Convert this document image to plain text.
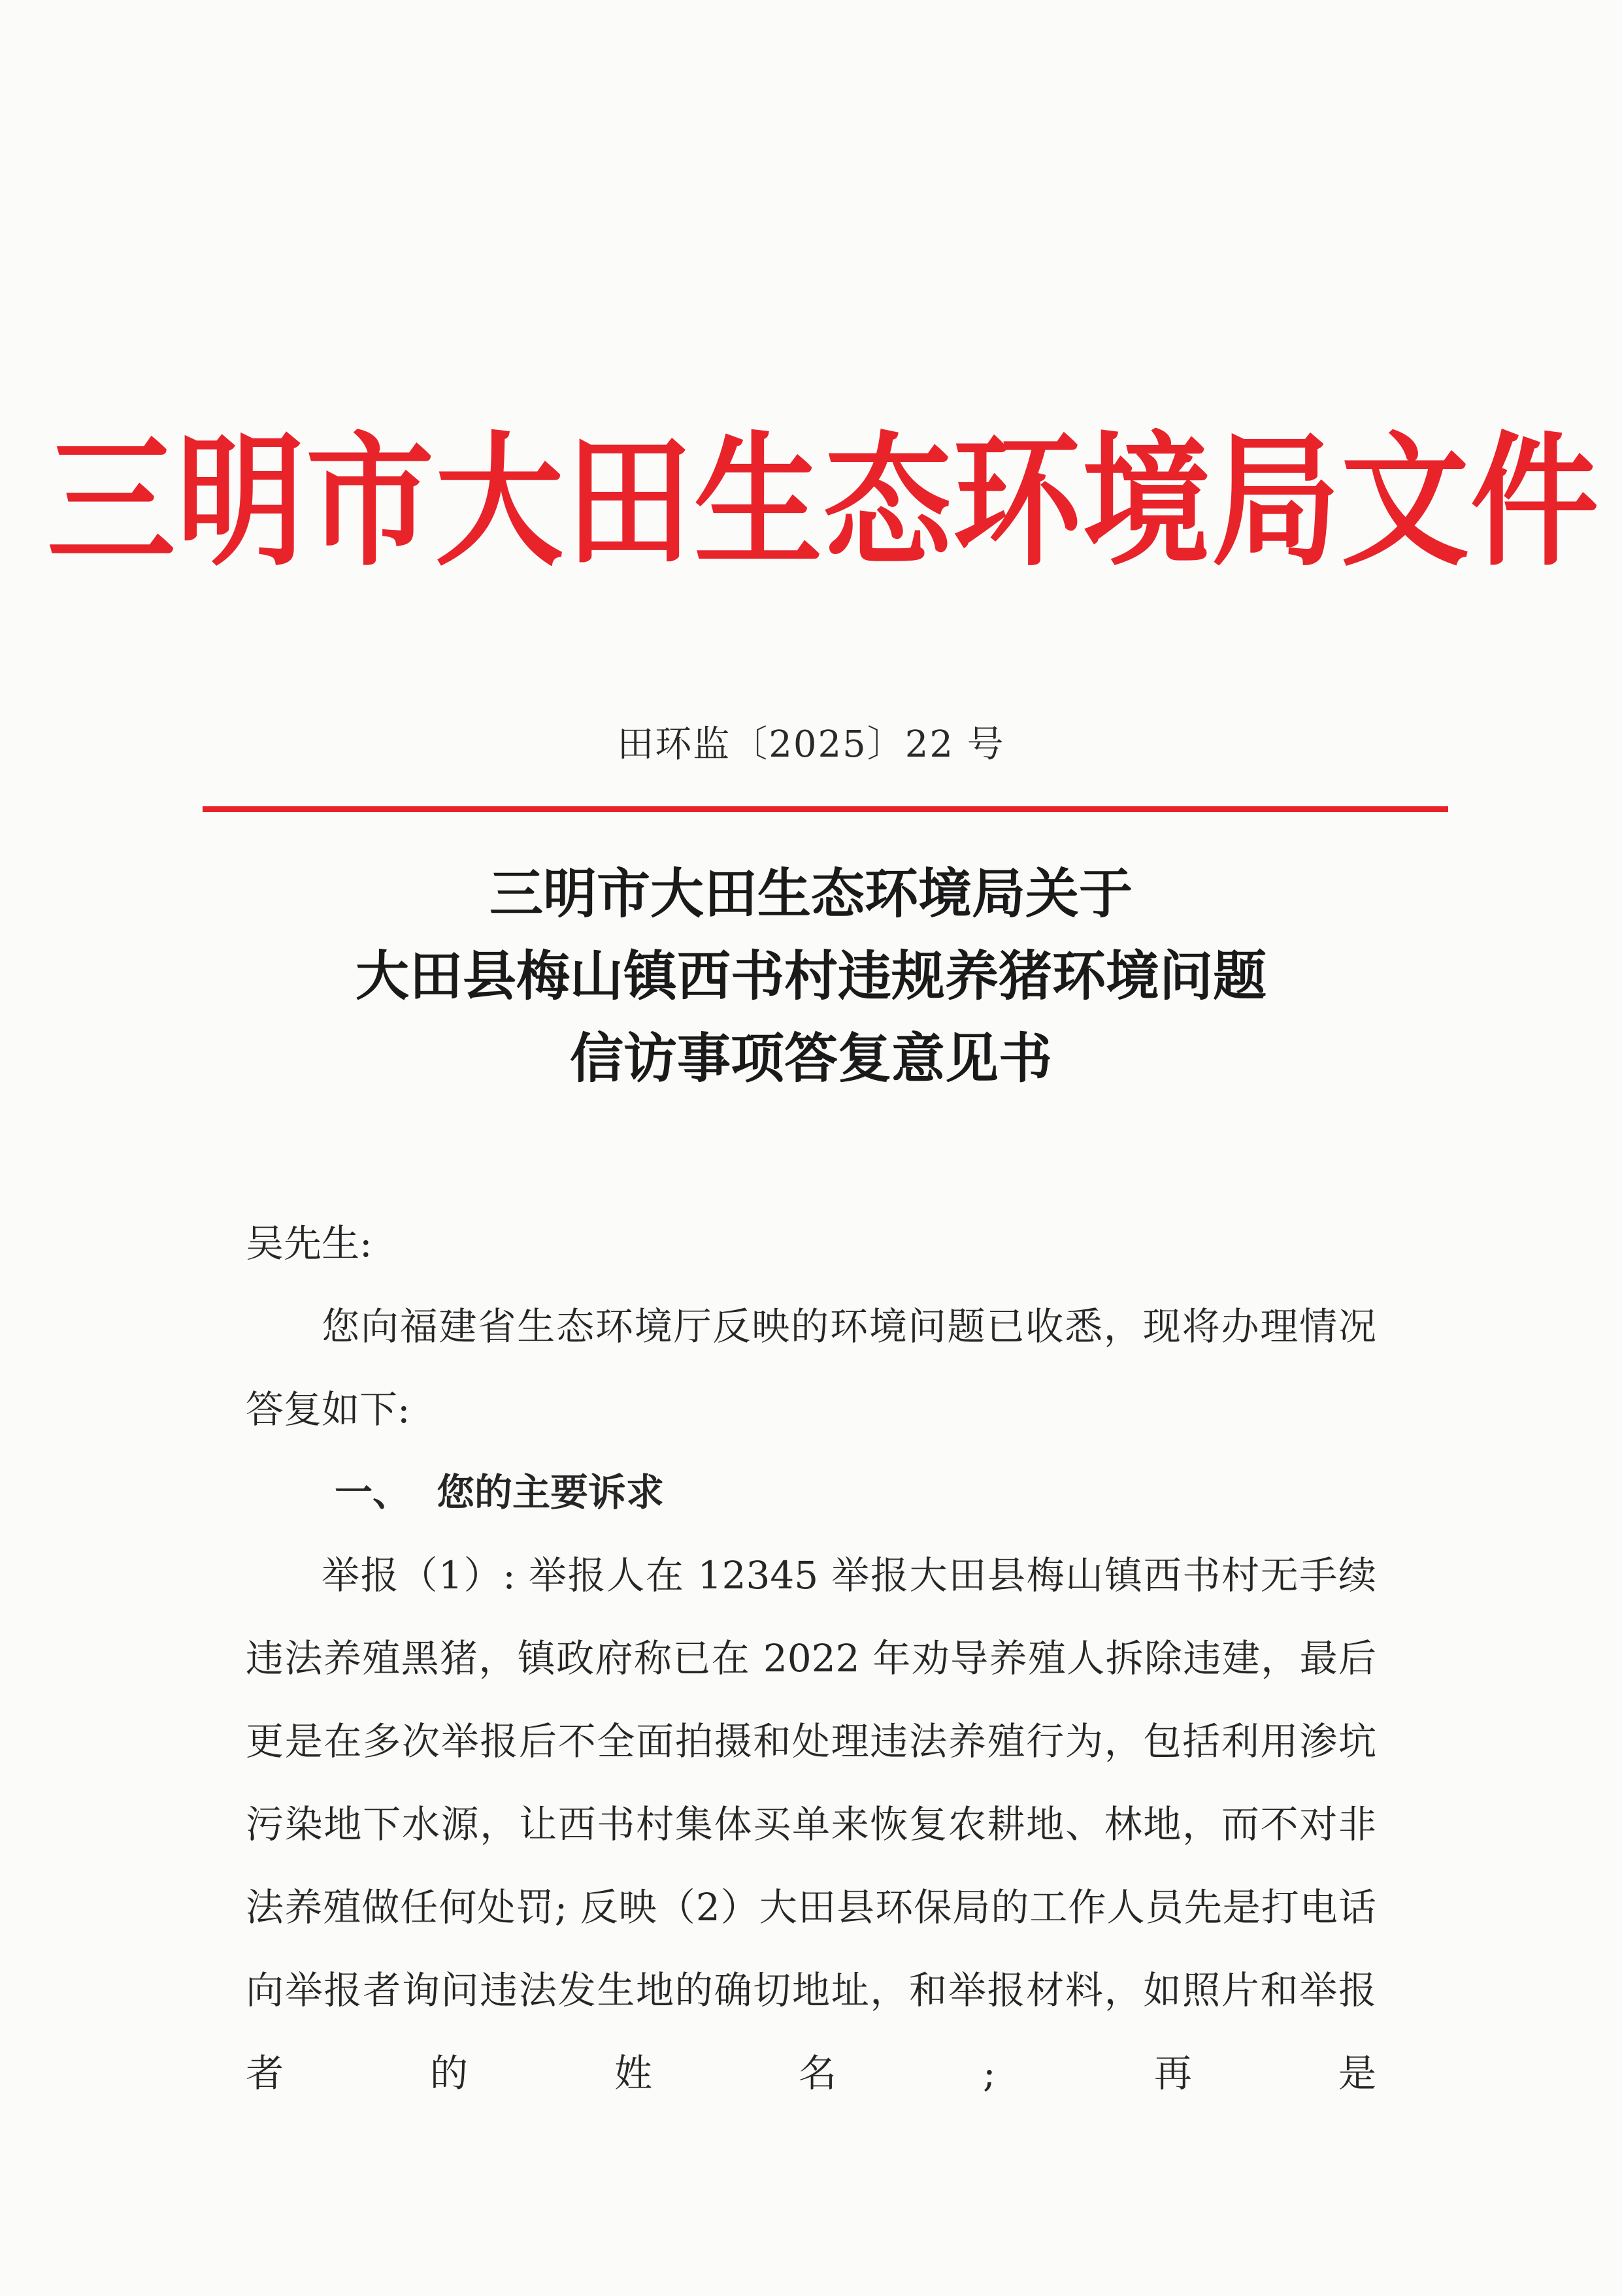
三明市大田生态环境局文件
田环监〔2025〕22 号
三明市大田生态环境局关于
大田县梅山镇西书村违规养猪环境问题
信访事项答复意见书
吴先生:
您向福建省生态环境厅反映的环境问题已收悉，现将办理情况答复如下:
一、 您的主要诉求
举报（1）: 举报人在 12345 举报大田县梅山镇西书村无手续违法养殖黑猪，镇政府称已在 2022 年劝导养殖人拆除违建，最后更是在多次举报后不全面拍摄和处理违法养殖行为，包括利用渗坑污染地下水源，让西书村集体买单来恢复农耕地、林地，而不对非法养殖做任何处罚; 反映（2）大田县环保局的工作人员先是打电话向举报者询问违法发生地的确切地址，和举报材料，如照片和举报者的姓名; 再是
